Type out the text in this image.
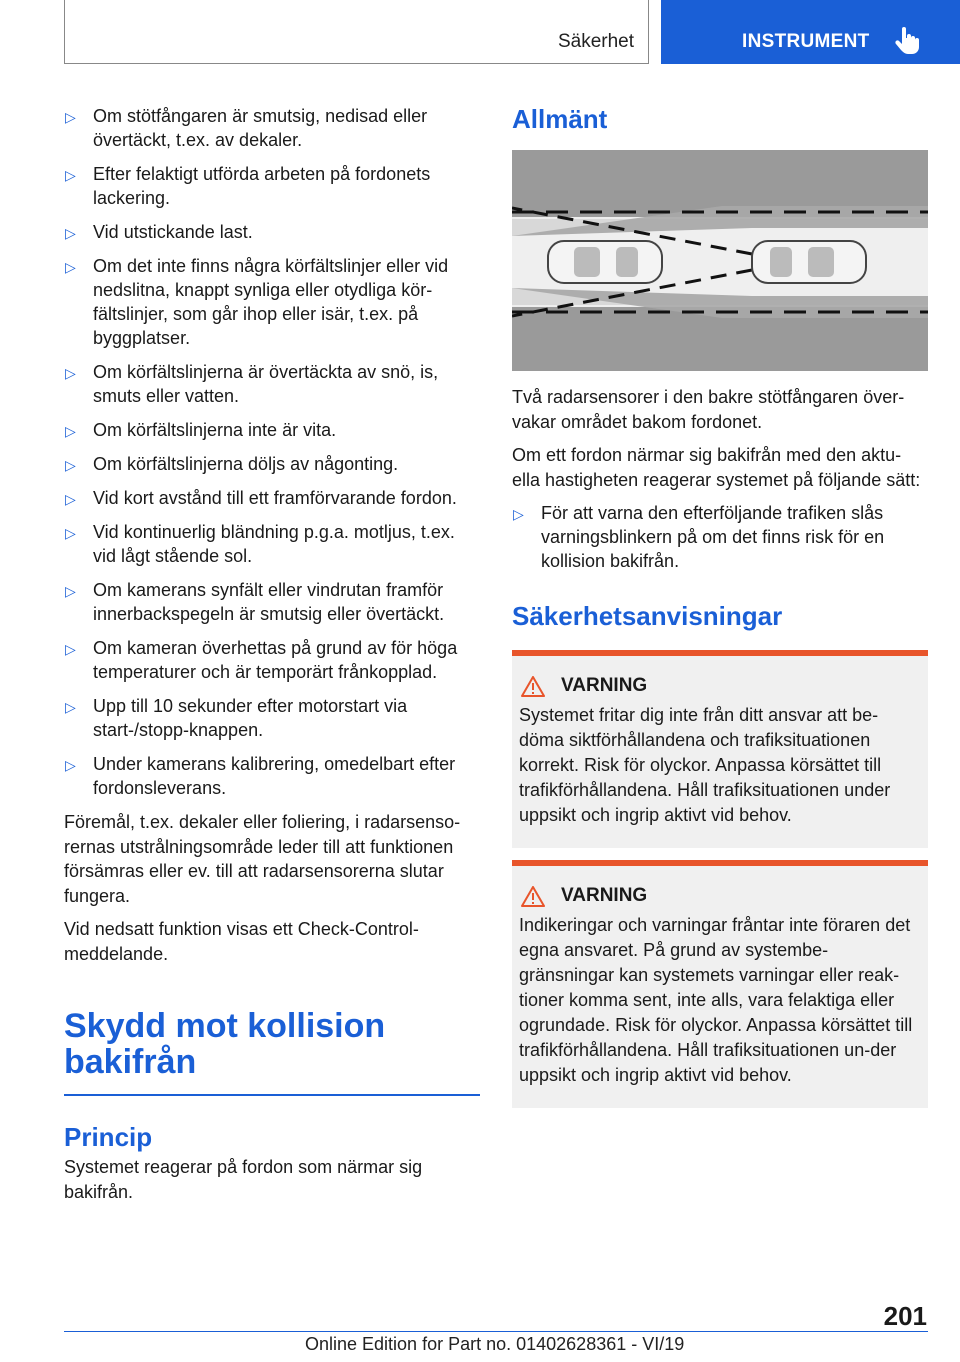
Säkerhet	INSTRUMENT
▷ Om stötfångaren är smutsig, nedisad eller övertäckt, t.ex. av dekaler.
▷ Efter felaktigt utförda arbeten på fordonets lackering.
▷ Vid utstickande last.
▷ Om det inte finns några körfältslinjer eller vid nedslitna, knappt synliga eller otydliga kör-fältslinjer, som går ihop eller isär, t.ex. på byggplatser.
▷ Om körfältslinjerna är övertäckta av snö, is, smuts eller vatten.
▷ Om körfältslinjerna inte är vita.
▷ Om körfältslinjerna döljs av någonting.
▷ Vid kort avstånd till ett framförvarande fordon.
▷ Vid kontinuerlig bländning p.g.a. motljus, t.ex. vid lågt stående sol.
▷ Om kamerans synfält eller vindrutan framför innerbackspegeln är smutsig eller övertäckt.
▷ Om kameran överhettas på grund av för höga temperaturer och är temporärt frånkopplad.
▷ Upp till 10 sekunder efter motorstart via start-/stopp-knappen.
▷ Under kamerans kalibrering, omedelbart efter fordonsleverans.

Föremål, t.ex. dekaler eller foliering, i radarsenso-rernas utstrålningsområde leder till att funktionen försämras eller ev. till att radarsensorerna slutar fungera.

Vid nedsatt funktion visas ett Check-Control-meddelande.

Skydd mot kollision bakifrån
Princip

Systemet reagerar på fordon som närmar sig bakifrån.

Allmänt

Två radarsensorer i den bakre stötfångaren över-vakar området bakom fordonet.

Om ett fordon närmar sig bakifrån med den aktu-ella hastigheten reagerar systemet på följande sätt:

▷ För att varna den efterföljande trafiken slås varningsblinkern på om det finns risk för en kollision bakifrån.
Säkerhetsanvisningar
VARNING

Systemet fritar dig inte från ditt ansvar att be-döma siktförhållandena och trafiksituationen korrekt. Risk för olyckor. Anpassa körsättet till trafikförhållandena. Håll trafiksituationen under uppsikt och ingrip aktivt vid behov.

VARNING

Indikeringar och varningar fråntar inte föraren det egna ansvaret. På grund av systembe-gränsningar kan systemets varningar eller reak-tioner komma sent, inte alls, vara felaktiga eller ogrundade. Risk för olyckor. Anpassa körsättet till trafikförhållandena. Håll trafiksituationen un-der uppsikt och ingrip aktivt vid behov.

201
Online Edition for Part no. 01402628361 - VI/19
